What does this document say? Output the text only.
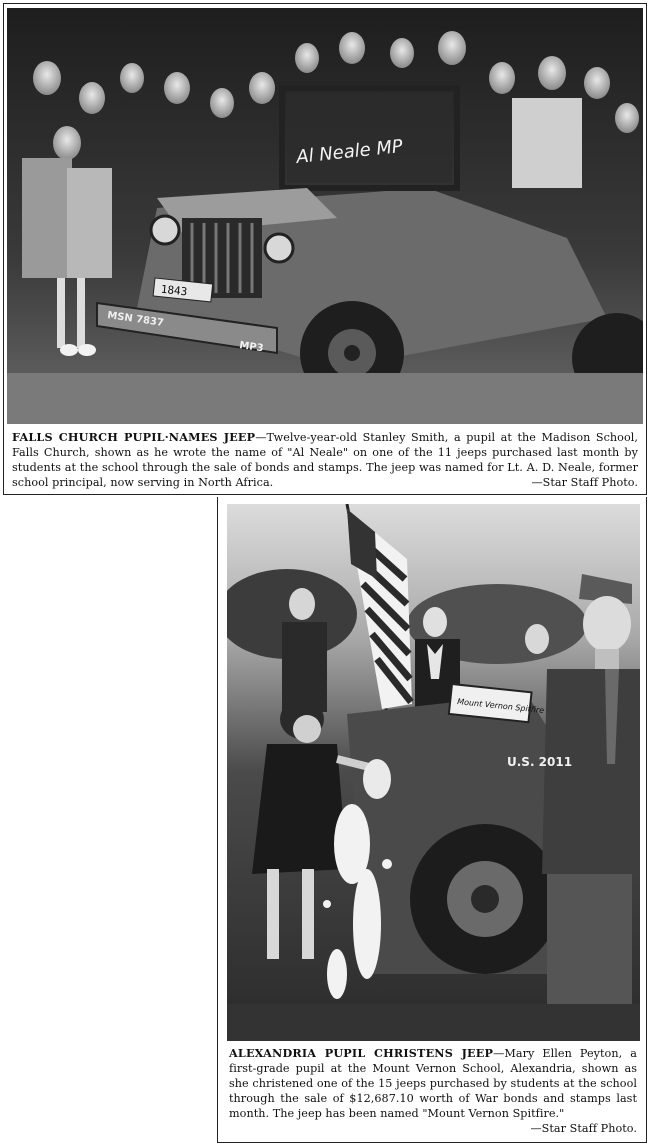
Al Neale MP
1843
MSN 7837
MP3
FALLS CHURCH PUPIL·NAMES JEEP—Twelve-year-old Stanley Smith, a pupil at the Madison School, Falls Church, shown as he wrote the name of "Al Neale" on one of the 11 jeeps purchased last month by students at the school through the sale of bonds and stamps. The jeep was named for Lt. A. D. Neale, former school principal, now serving in North Africa.	—Star Staff Photo.
Mount Vernon Spitfire
U.S. 2011
ALEXANDRIA PUPIL CHRISTENS JEEP—Mary Ellen Peyton, a first-grade pupil at the Mount Vernon School, Alexandria, shown as she christened one of the 15 jeeps purchased by students at the school through the sale of $12,687.10 worth of War bonds and stamps last month. The jeep has been named "Mount Vernon Spitfire."
—Star Staff Photo.
